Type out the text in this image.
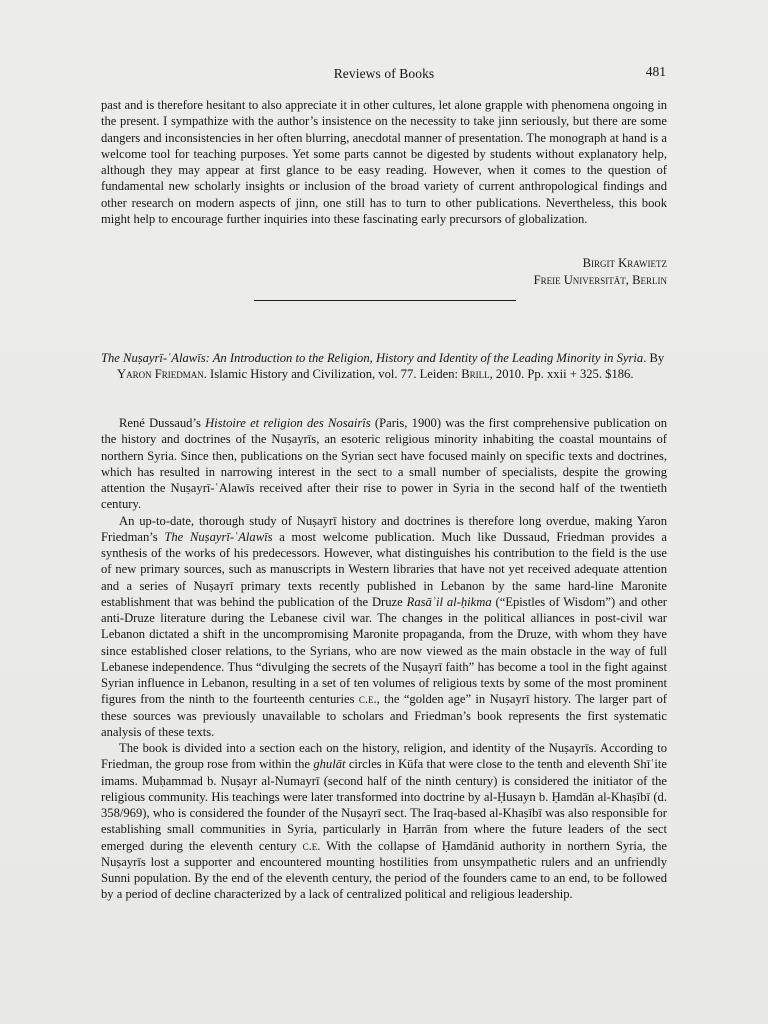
Reviews of Books	481

past and is therefore hesitant to also appreciate it in other cultures, let alone grapple with phenomena ongoing in the present. I sympathize with the author’s insistence on the necessity to take jinn seriously, but there are some dangers and inconsistencies in her often blurring, anecdotal manner of presentation. The monograph at hand is a welcome tool for teaching purposes. Yet some parts cannot be digested by students without explanatory help, although they may appear at first glance to be easy reading. However, when it comes to the question of fundamental new scholarly insights or inclusion of the broad variety of current anthropological findings and other research on modern aspects of jinn, one still has to turn to other publications. Nevertheless, this book might help to encourage further inquiries into these fascinating early precursors of globalization.

Birgit Krawietz
Freie Universität, Berlin
The Nuṣayrī-ʿAlawīs: An Introduction to the Religion, History and Identity of the Leading Minority in Syria. By Yaron Friedman. Islamic History and Civilization, vol. 77. Leiden: Brill, 2010. Pp. xxii + 325. $186.

René Dussaud’s Histoire et religion des Nosairîs (Paris, 1900) was the first comprehensive publication on the history and doctrines of the Nuṣayrīs, an esoteric religious minority inhabiting the coastal mountains of northern Syria. Since then, publications on the Syrian sect have focused mainly on specific texts and doctrines, which has resulted in narrowing interest in the sect to a small number of specialists, despite the growing attention the Nuṣayrī-ʿAlawīs received after their rise to power in Syria in the second half of the twentieth century.

An up-to-date, thorough study of Nuṣayrī history and doctrines is therefore long overdue, making Yaron Friedman’s The Nuṣayrī-ʿAlawīs a most welcome publication. Much like Dussaud, Friedman provides a synthesis of the works of his predecessors. However, what distinguishes his contribution to the field is the use of new primary sources, such as manuscripts in Western libraries that have not yet received adequate attention and a series of Nuṣayrī primary texts recently published in Lebanon by the same hard-line Maronite establishment that was behind the publication of the Druze Rasāʾil al-ḥikma (“Epistles of Wisdom”) and other anti-Druze literature during the Lebanese civil war. The changes in the political alliances in post-civil war Lebanon dictated a shift in the uncompromising Maronite propaganda, from the Druze, with whom they have since established closer relations, to the Syrians, who are now viewed as the main obstacle in the way of full Lebanese independence. Thus “divulging the secrets of the Nuṣayrī faith” has become a tool in the fight against Syrian influence in Lebanon, resulting in a set of ten volumes of religious texts by some of the most prominent figures from the ninth to the fourteenth centuries c.e., the “golden age” in Nuṣayrī history. The larger part of these sources was previously unavailable to scholars and Friedman’s book represents the first systematic analysis of these texts.

The book is divided into a section each on the history, religion, and identity of the Nuṣayrīs. According to Friedman, the group rose from within the ghulāt circles in Kūfa that were close to the tenth and eleventh Shīʿite imams. Muḥammad b. Nuṣayr al-Numayrī (second half of the ninth century) is considered the initiator of the religious community. His teachings were later transformed into doctrine by al-Ḥusayn b. Ḥamdān al-Khaṣībī (d. 358/969), who is considered the founder of the Nuṣayrī sect. The Iraq-based al-Khaṣībī was also responsible for establishing small communities in Syria, particularly in Ḥarrān from where the future leaders of the sect emerged during the eleventh century c.e. With the collapse of Ḥamdānid authority in northern Syria, the Nuṣayrīs lost a supporter and encountered mounting hostilities from unsympathetic rulers and an unfriendly Sunni population. By the end of the eleventh century, the period of the founders came to an end, to be followed by a period of decline characterized by a lack of centralized political and religious leadership.
